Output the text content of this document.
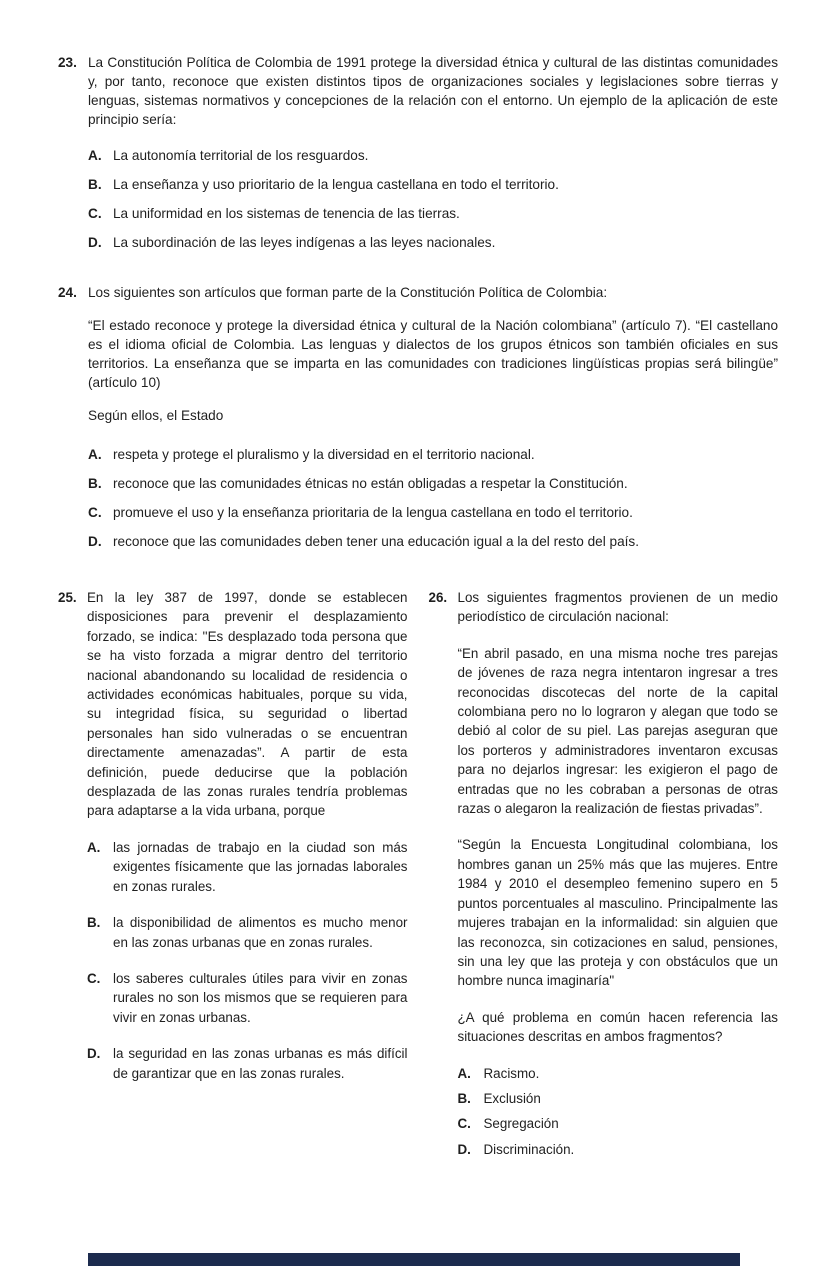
23. La Constitución Política de Colombia de 1991 protege la diversidad étnica y cultural de las distintas comunidades y, por tanto, reconoce que existen distintos tipos de organizaciones sociales y legislaciones sobre tierras y lenguas, sistemas normativos y concepciones de la relación con el entorno. Un ejemplo de la aplicación de este principio sería:

A. La autonomía territorial de los resguardos.
B. La enseñanza y uso prioritario de la lengua castellana en todo el territorio.
C. La uniformidad en los sistemas de tenencia de las tierras.
D. La subordinación de las leyes indígenas a las leyes nacionales.
24. Los siguientes son artículos que forman parte de la Constitución Política de Colombia:

“El estado reconoce y protege la diversidad étnica y cultural de la Nación colombiana” (artículo 7). “El castellano es el idioma oficial de Colombia. Las lenguas y dialectos de los grupos étnicos son también oficiales en sus territorios. La enseñanza que se imparta en las comunidades con tradiciones lingüísticas propias será bilingüe” (artículo 10)

Según ellos, el Estado

A. respeta y protege el pluralismo y la diversidad en el territorio nacional.
B. reconoce que las comunidades étnicas no están obligadas a respetar la Constitución.
C. promueve el uso y la enseñanza prioritaria de la lengua castellana en todo el territorio.
D. reconoce que las comunidades deben tener una educación igual a la del resto del país.
25. En la ley 387 de 1997, donde se establecen disposiciones para prevenir el desplazamiento forzado, se indica: ''Es desplazado toda persona que se ha visto forzada a migrar dentro del territorio nacional abandonando su localidad de residencia o actividades económicas habituales, porque su vida, su integridad física, su seguridad o libertad personales han sido vulneradas o se encuentran directamente amenazadas”. A partir de esta definición, puede deducirse que la población desplazada de las zonas rurales tendría problemas para adaptarse a la vida urbana, porque

A. las jornadas de trabajo en la ciudad son más exigentes físicamente que las jornadas laborales en zonas rurales.
B. la disponibilidad de alimentos es mucho menor en las zonas urbanas que en zonas rurales.
C. los saberes culturales útiles para vivir en zonas rurales no son los mismos que se requieren para vivir en zonas urbanas.
D. la seguridad en las zonas urbanas es más difícil de garantizar que en las zonas rurales.
26. Los siguientes fragmentos provienen de un medio periodístico de circulación nacional:

“En abril pasado, en una misma noche tres parejas de jóvenes de raza negra intentaron ingresar a tres reconocidas discotecas del norte de la capital colombiana pero no lo lograron y alegan que todo se debió al color de su piel. Las parejas aseguran que los porteros y administradores inventaron excusas para no dejarlos ingresar: les exigieron el pago de entradas que no les cobraban a personas de otras razas o alegaron la realización de fiestas privadas”.

“Según la Encuesta Longitudinal colombiana, los hombres ganan un 25% más que las mujeres. Entre 1984 y 2010 el desempleo femenino supero en 5 puntos porcentuales al masculino. Principalmente las mujeres trabajan en la informalidad: sin alguien que las reconozca, sin cotizaciones en salud, pensiones, sin una ley que las proteja y con obstáculos que un hombre nunca imaginaría"

¿A qué problema en común hacen referencia las situaciones descritas en ambos fragmentos?

A. Racismo.
B. Exclusión
C. Segregación
D. Discriminación.
